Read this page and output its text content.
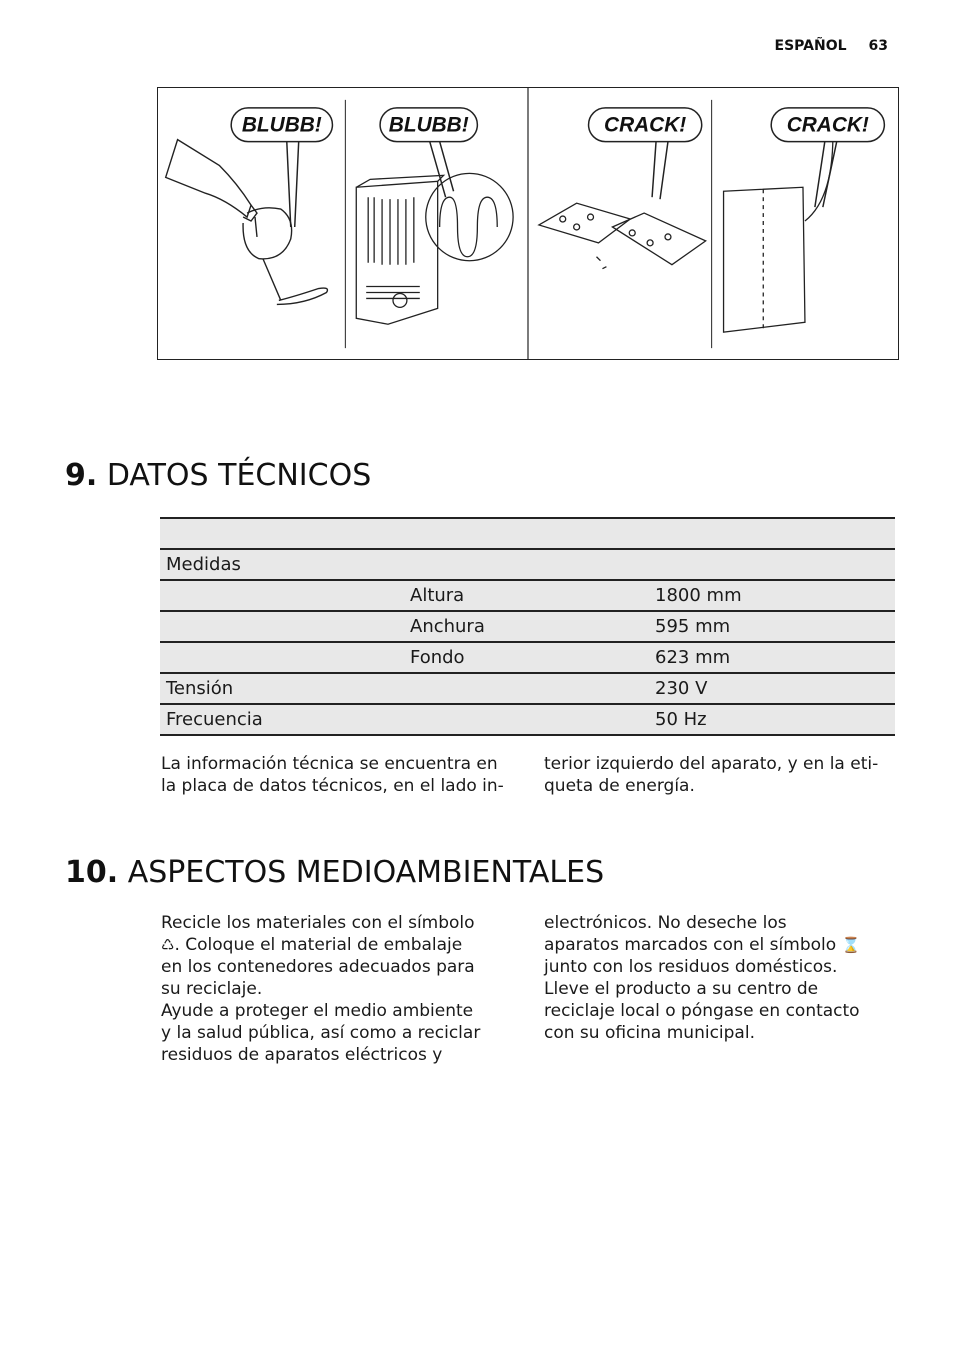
ESPAÑOL 63
BLUBB!	BLUBB!	CRACK!	CRACK!
9. DATOS TÉCNICOS

Medidas		
	Altura	1800 mm
	Anchura	595 mm
	Fondo	623 mm
Tensión		230 V
Frecuencia		50 Hz

La información técnica se encuentra en

la placa de datos técnicos, en el lado in-

terior izquierdo del aparato, y en la eti-

queta de energía.

10. ASPECTOS MEDIOAMBIENTALES

Recicle los materiales con el símbolo

♺. Coloque el material de embalaje

en los contenedores adecuados para

su reciclaje.

Ayude a proteger el medio ambiente

y la salud pública, así como a reciclar

residuos de aparatos eléctricos y

electrónicos. No deseche los

aparatos marcados con el símbolo ⌛

junto con los residuos domésticos.

Lleve el producto a su centro de

reciclaje local o póngase en contacto

con su oficina municipal.
